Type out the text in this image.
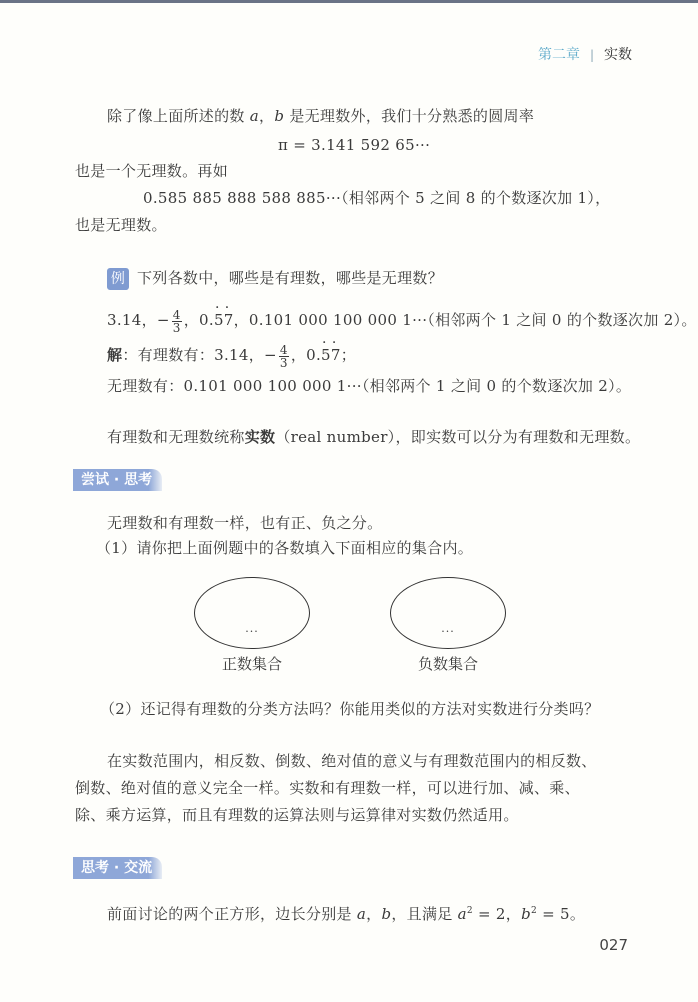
第二章 | 实数
除了像上面所述的数 a，b 是无理数外，我们十分熟悉的圆周率
π = 3.141 592 65···
也是一个无理数。再如
0.585 885 888 588 885···（相邻两个 5 之间 8 的个数逐次加 1），
也是无理数。
例 下列各数中，哪些是有理数，哪些是无理数？
3.14，− $\frac{4}{3}$ ，0.· 5· 7，0.101 000 100 000 1···（相邻两个 1 之间 0 的个数逐次加 2）。
解：有理数有：3.14，− $\frac{4}{3}$ ，0.· 5· 7；
无理数有：0.101 000 100 000 1···（相邻两个 1 之间 0 的个数逐次加 2）。
有理数和无理数统称实数（real number），即实数可以分为有理数和无理数。
尝试 · 思考
无理数和有理数一样，也有正、负之分。
（1）请你把上面例题中的各数填入下面相应的集合内。
···
正数集合
···
负数集合
（2）还记得有理数的分类方法吗？你能用类似的方法对实数进行分类吗？
在实数范围内，相反数、倒数、绝对值的意义与有理数范围内的相反数、
倒数、绝对值的意义完全一样。实数和有理数一样，可以进行加、减、乘、
除、乘方运算，而且有理数的运算法则与运算律对实数仍然适用。
思考 · 交流
前面讨论的两个正方形，边长分别是 a，b，且满足 $a^2 = 2$，$b^2 = 5$。
027
